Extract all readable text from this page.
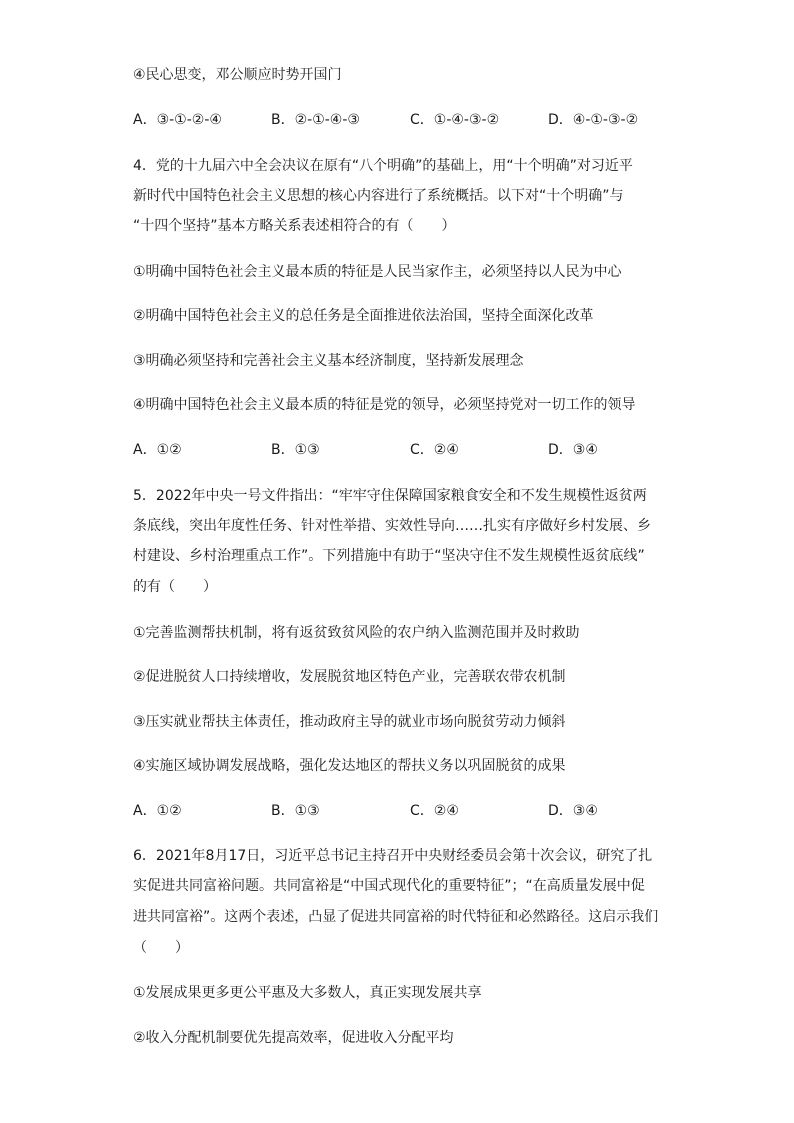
④民心思变，邓公顺应时势开国门
A．③-①-②-④	B．②-①-④-③	C．①-④-③-②	D．④-①-③-②
4．党的十九届六中全会决议在原有“八个明确”的基础上，用“十个明确”对习近平
新时代中国特色社会主义思想的核心内容进行了系统概括。以下对“十个明确”与
“十四个坚持”基本方略关系表述相符合的有（　　）
①明确中国特色社会主义最本质的特征是人民当家作主，必须坚持以人民为中心
②明确中国特色社会主义的总任务是全面推进依法治国，坚持全面深化改革
③明确必须坚持和完善社会主义基本经济制度，坚持新发展理念
④明确中国特色社会主义最本质的特征是党的领导，必须坚持党对一切工作的领导
A．①②	B．①③	C．②④	D．③④
5．2022年中央一号文件指出：“牢牢守住保障国家粮食安全和不发生规模性返贫两
条底线，突出年度性任务、针对性举措、实效性导向……扎实有序做好乡村发展、乡
村建设、乡村治理重点工作”。下列措施中有助于“坚决守住不发生规模性返贫底线”
的有（　　）
①完善监测帮扶机制，将有返贫致贫风险的农户纳入监测范围并及时救助
②促进脱贫人口持续增收，发展脱贫地区特色产业，完善联农带农机制
③压实就业帮扶主体责任，推动政府主导的就业市场向脱贫劳动力倾斜
④实施区域协调发展战略，强化发达地区的帮扶义务以巩固脱贫的成果
A．①②	B．①③	C．②④	D．③④
6．2021年8月17日，习近平总书记主持召开中央财经委员会第十次会议，研究了扎
实促进共同富裕问题。共同富裕是“中国式现代化的重要特征”；“在高质量发展中促
进共同富裕”。这两个表述，凸显了促进共同富裕的时代特征和必然路径。这启示我们
（　　）
①发展成果更多更公平惠及大多数人，真正实现发展共享
②收入分配机制要优先提高效率，促进收入分配平均
